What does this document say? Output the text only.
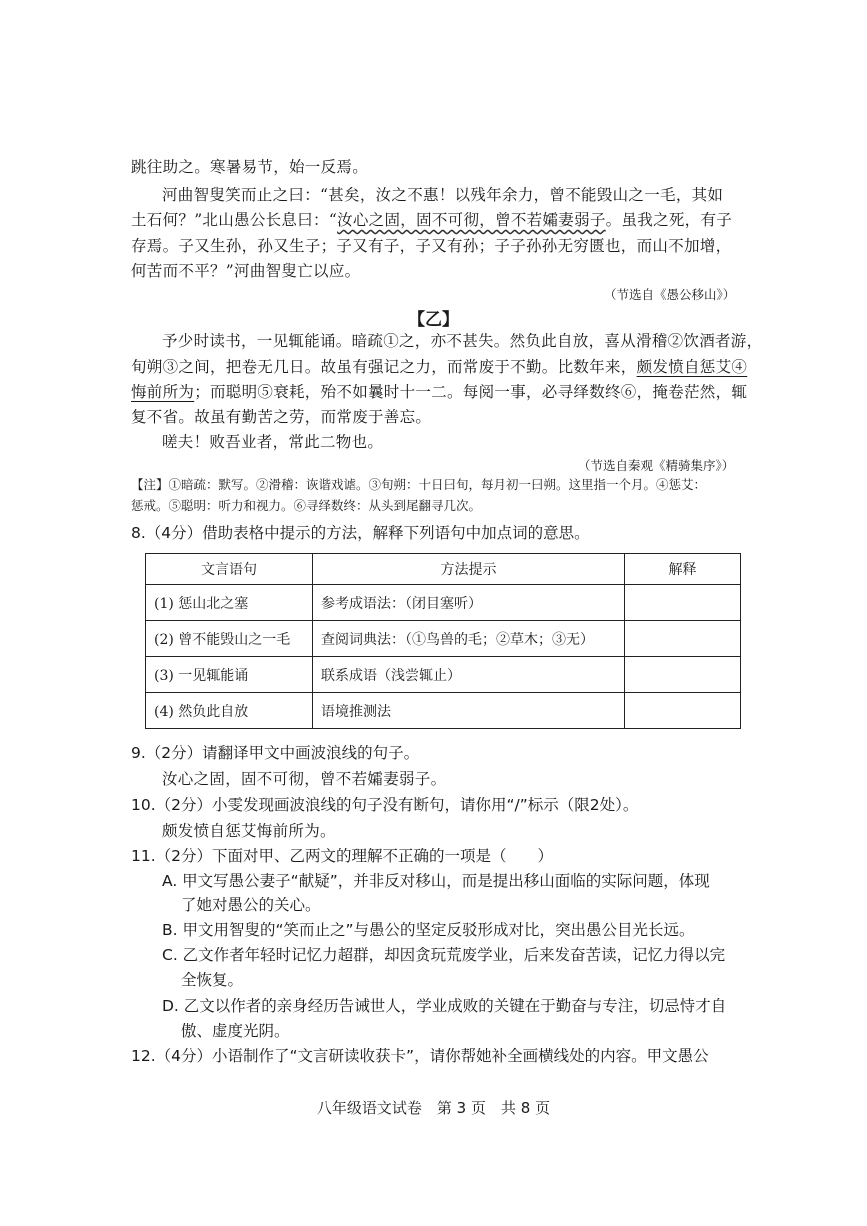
跳往助之。寒暑易节，始一反焉。
河曲智叟笑而止之曰：“甚矣，汝之不惠！以残年余力，曾不能毁山之一毛，其如
土石何？”北山愚公长息曰：“汝心之固，固不可彻，曾不若孀妻弱子。虽我之死，有子
存焉。子又生孙，孙又生子；子又有子，子又有孙；子子孙孙无穷匮也，而山不加增，
何苦而不平？”河曲智叟亡以应。
（节选自《愚公移山》）
【乙】
予少时读书，一见辄能诵。暗疏①之，亦不甚失。然负此自放，喜从滑稽②饮酒者游，
旬朔③之间，把卷无几日。故虽有强记之力，而常废于不勤。比数年来，颇发愤自惩艾④
悔前所为；而聪明⑤衰耗，殆不如曩时十一二。每阅一事，必寻绎数终⑥，掩卷茫然，辄
复不省。故虽有勤苦之劳，而常废于善忘。
嗟夫！败吾业者，常此二物也。
（节选自秦观《精骑集序》）
【注】①暗疏：默写。②滑稽：诙谐戏谑。③旬朔：十日曰旬，每月初一曰朔。这里指一个月。④惩艾：
惩戒。⑤聪明：听力和视力。⑥寻绎数终：从头到尾翻寻几次。
8.（4分）借助表格中提示的方法，解释下列语句中加点词的意思。
文言语句	方法提示	解释
(1) 惩山北之塞	参考成语法：（闭目塞听）	
(2) 曾不能毁山之一毛	查阅词典法：（①鸟兽的毛；②草木；③无）	
(3) 一见辄能诵	联系成语（浅尝辄止）	
(4) 然负此自放	语境推测法	
9.（2分）请翻译甲文中画波浪线的句子。
汝心之固，固不可彻，曾不若孀妻弱子。
10.（2分）小雯发现画波浪线的句子没有断句，请你用“/”标示（限2处）。
颇发愤自惩艾悔前所为。
11.（2分）下面对甲、乙两文的理解不正确的一项是（　　）
A. 甲文写愚公妻子“献疑”，并非反对移山，而是提出移山面临的实际问题，体现
了她对愚公的关心。
B. 甲文用智叟的“笑而止之”与愚公的坚定反驳形成对比，突出愚公目光长远。
C. 乙文作者年轻时记忆力超群，却因贪玩荒废学业，后来发奋苦读，记忆力得以完
全恢复。
D. 乙文以作者的亲身经历告诫世人，学业成败的关键在于勤奋与专注，切忌恃才自
傲、虚度光阴。
12.（4分）小语制作了“文言研读收获卡”，请你帮她补全画横线处的内容。甲文愚公
八年级语文试卷　第 3 页　共 8 页
